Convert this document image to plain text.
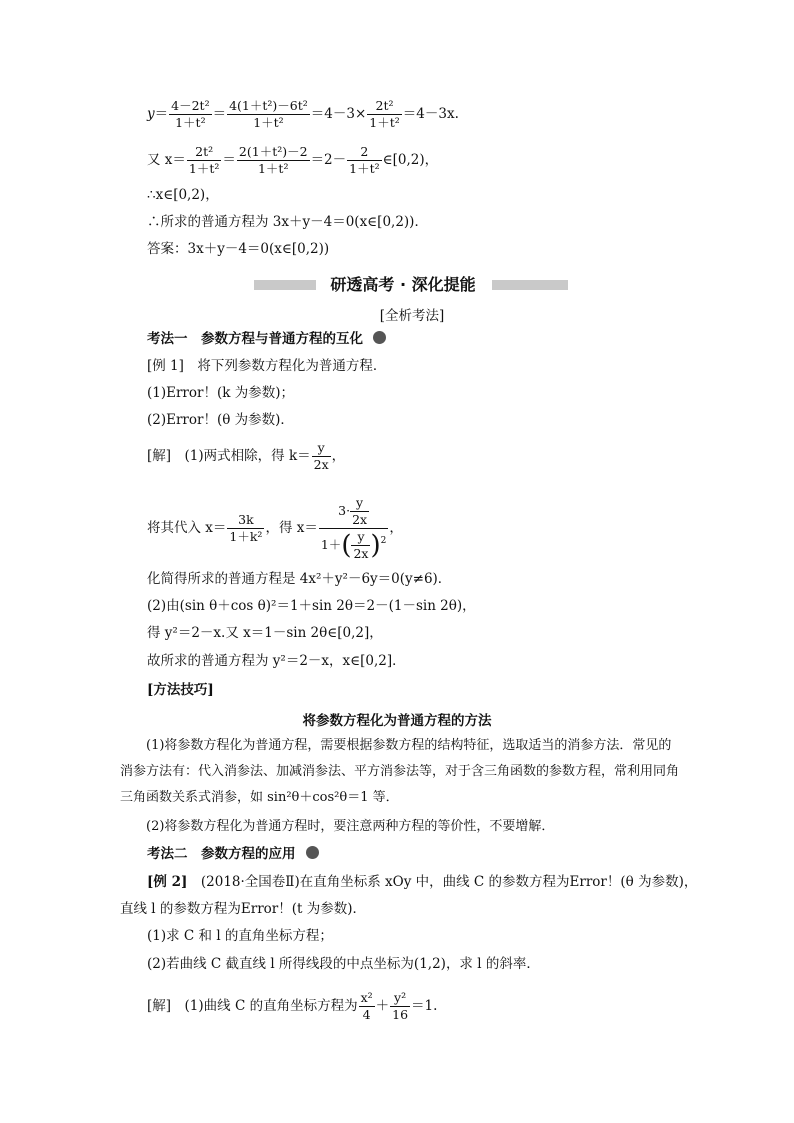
$y= \frac{\text{4－2t²}}{\text{1＋t²}} = \frac{\text{4(1＋t²)－6t²}}{\text{1＋t²}} =4-3\times \frac{\text{2t²}}{\text{1＋t²}} =4-3x$.
又 $x= \frac{\text{2t²}}{\text{1＋t²}} = \frac{\text{2(1＋t²)－2}}{\text{1＋t²}} =2- \frac{2}{\text{1＋t²}}$ ∈[0,2)，
∴x∈[0,2)，
∴所求的普通方程为 3x＋y－4＝0(x∈[0,2))．
答案：3x＋y－4＝0(x∈[0,2))
研透高考 · 深化提能
[全析考法]
考法一　参数方程与普通方程的互化
[例 1]　将下列参数方程化为普通方程．
(1)Error！(k 为参数)；
(2)Error！(θ 为参数)．
[解]　(1)两式相除，得 $k= \frac{y}{2x}$ ，
将其代入 $x= \frac{3k}{\text{1＋k²}}$ ，得 $x= \frac{3\cdot \frac{y}{2x}}{1+( \frac{y}{2x} )^2}$ ，
化简得所求的普通方程是 4x²＋y²－6y＝0(y≠6)．
(2)由(sin θ＋cos θ)²＝1＋sin 2θ＝2－(1－sin 2θ)，
得 y²＝2－x.又 x＝1－sin 2θ∈[0,2]，
故所求的普通方程为 y²＝2－x，x∈[0,2]．
[方法技巧]
将参数方程化为普通方程的方法
(1)将参数方程化为普通方程，需要根据参数方程的结构特征，选取适当的消参方法．常见的消参方法有：代入消参法、加减消参法、平方消参法等，对于含三角函数的参数方程，常利用同角三角函数关系式消参，如 sin²θ＋cos²θ＝1 等．
(2)将参数方程化为普通方程时，要注意两种方程的等价性，不要增解．
考法二　参数方程的应用
[例 2]　 (2018·全国卷Ⅱ)在直角坐标系 xOy 中，曲线 C 的参数方程为Error！(θ 为参数)，
直线 l 的参数方程为Error！(t 为参数)．
(1)求 C 和 l 的直角坐标方程；
(2)若曲线 C 截直线 l 所得线段的中点坐标为(1,2)，求 l 的斜率．
[解]　(1)曲线 C 的直角坐标方程为 $\frac{\text{x²}}{4} + \frac{\text{y²}}{16} =1$.
